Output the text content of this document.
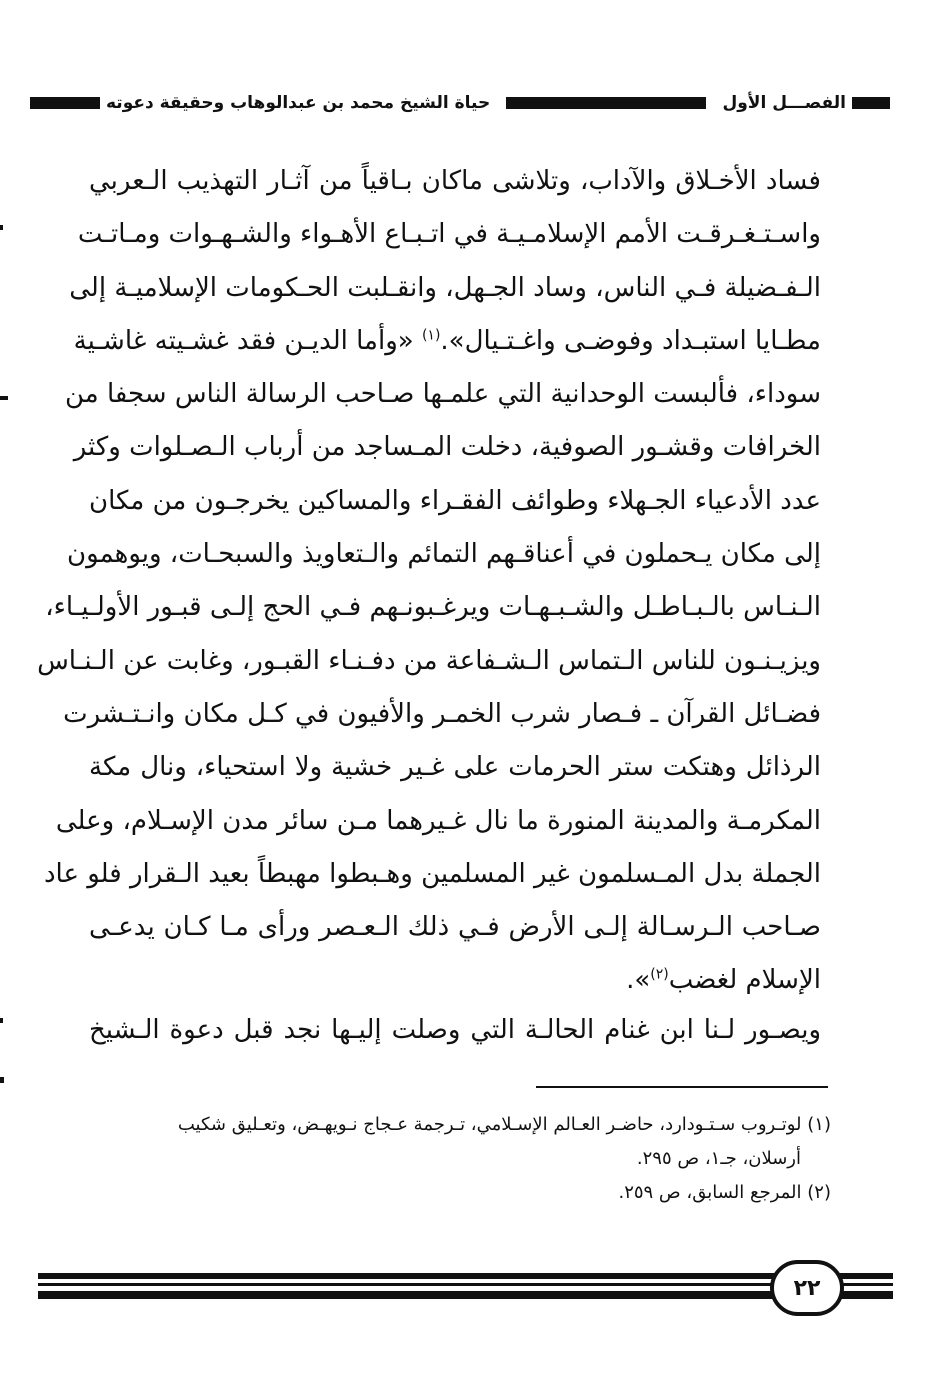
الفصـــل الأول
حياة الشيخ محمد بن عبدالوهاب وحقيقة دعوته
فساد الأخـلاق والآداب، وتلاشى ماكان بـاقياً من آثـار التهذيب الـعربي
واسـتـغـرقـت الأمم الإسلامـيـة في اتـبـاع الأهـواء والشـهـوات ومـاتـت
الـفـضيلة فـي الناس، وساد الجـهل، وانقـلبت الحـكومات الإسلاميـة إلى
مطـايا استبـداد وفوضـى واغـتـيال».$^{(١)}$ «وأما الديـن فقد غشـيته غاشـية
سوداء، فألبست الوحدانية التي علمـها صـاحب الرسالة الناس سجفا من
الخرافات وقشـور الصوفية، دخلت المـساجد من أرباب الـصـلوات وكثر
عدد الأدعياء الجـهلاء وطوائف الفقـراء والمساكين يخرجـون من مكان
إلى مكان يـحملون في أعناقـهم التمائم والـتعاويذ والسبحـات، ويوهمون
الـنـاس بالـبـاطـل والشـبـهـات ويرغـبونـهم فـي الحج إلـى قبـور الأولـيـاء،
ويزيـنـون للناس الـتماس الـشـفاعة من دفـنـاء القبـور، وغابت عن الـنـاس
فضـائل القرآن ـ فـصار شرب الخمـر والأفيون في كـل مكان وانـتـشرت
الرذائل وهتكت ستر الحرمات على غـير خشية ولا استحياء، ونال مكة
المكرمـة والمدينة المنورة ما نال غـيرهما مـن سائر مدن الإسـلام، وعلى
الجملة بدل المـسلمون غير المسلمين وهـبطوا مهبطاً بعيد الـقرار فلو عاد
صـاحب الـرسـالة إلـى الأرض فـي ذلك الـعـصر ورأى مـا كـان يدعـى
الإسلام لغضب$^{(٢)}$».
ويصـور لـنا ابن غنام الحالـة التي وصلت إليـها نجد قبل دعوة الـشيخ
(١) لوتـروب سـتـودارد، حاضـر العـالم الإسـلامي، تـرجمة عـجاج نـويهـض، وتعـليق شكيب
أرسلان، جـ١، ص ٢٩٥.
(٢) المرجع السابق، ص ٢٥٩.
٢٢
